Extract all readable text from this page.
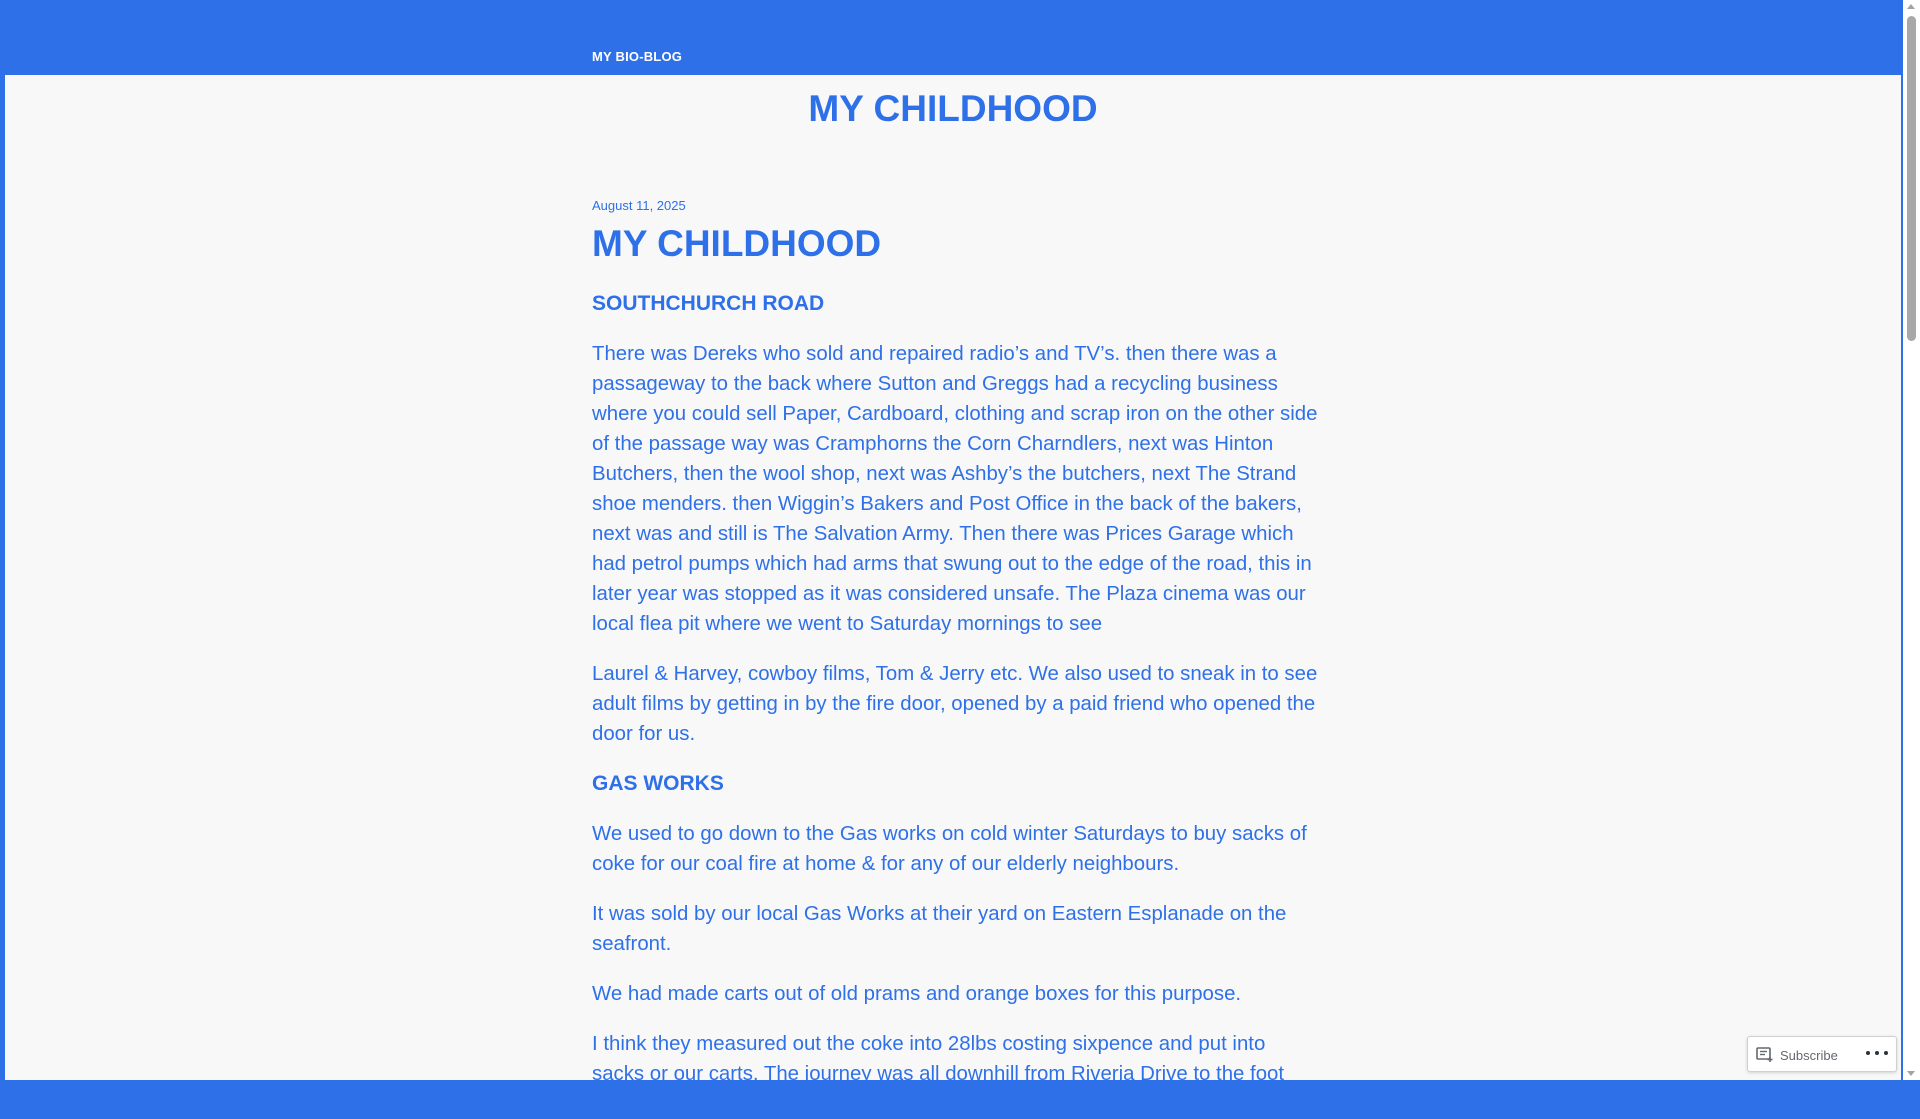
MY BIO-BLOG
MY CHILDHOOD

August 11, 2025

MY CHILDHOOD

SOUTHCHURCH ROAD

There was Dereks who sold and repaired radio’s and TV’s. then there was a passageway to the back where Sutton and Greggs had a recycling business where you could sell Paper, Cardboard, clothing and scrap iron on the other side of the passage way was Cramphorns the Corn Charndlers, next was Hinton Butchers, then the wool shop, next was Ashby’s the butchers, next The Strand shoe menders. then Wiggin’s Bakers and Post Office in the back of the bakers, next was and still is The Salvation Army. Then there was Prices Garage which had petrol pumps which had arms that swung out to the edge of the road, this in later year was stopped as it was considered unsafe. The Plaza cinema was our local flea pit where we went to Saturday mornings to see

Laurel & Harvey, cowboy films, Tom & Jerry etc. We also used to sneak in to see adult films by getting in by the fire door, opened by a paid friend who opened the door for us.

GAS WORKS

We used to go down to the Gas works on cold winter Saturdays to buy sacks of coke for our coal fire at home & for any of our elderly neighbours.

It was sold by our local Gas Works at their yard on Eastern Esplanade on the seafront.

We had made carts out of old prams and orange boxes for this purpose.

I think they measured out the coke into 28lbs costing sixpence and put into sacks or our carts. The journey was all downhill from Riveria Drive to the foot bridge

Subscribe
